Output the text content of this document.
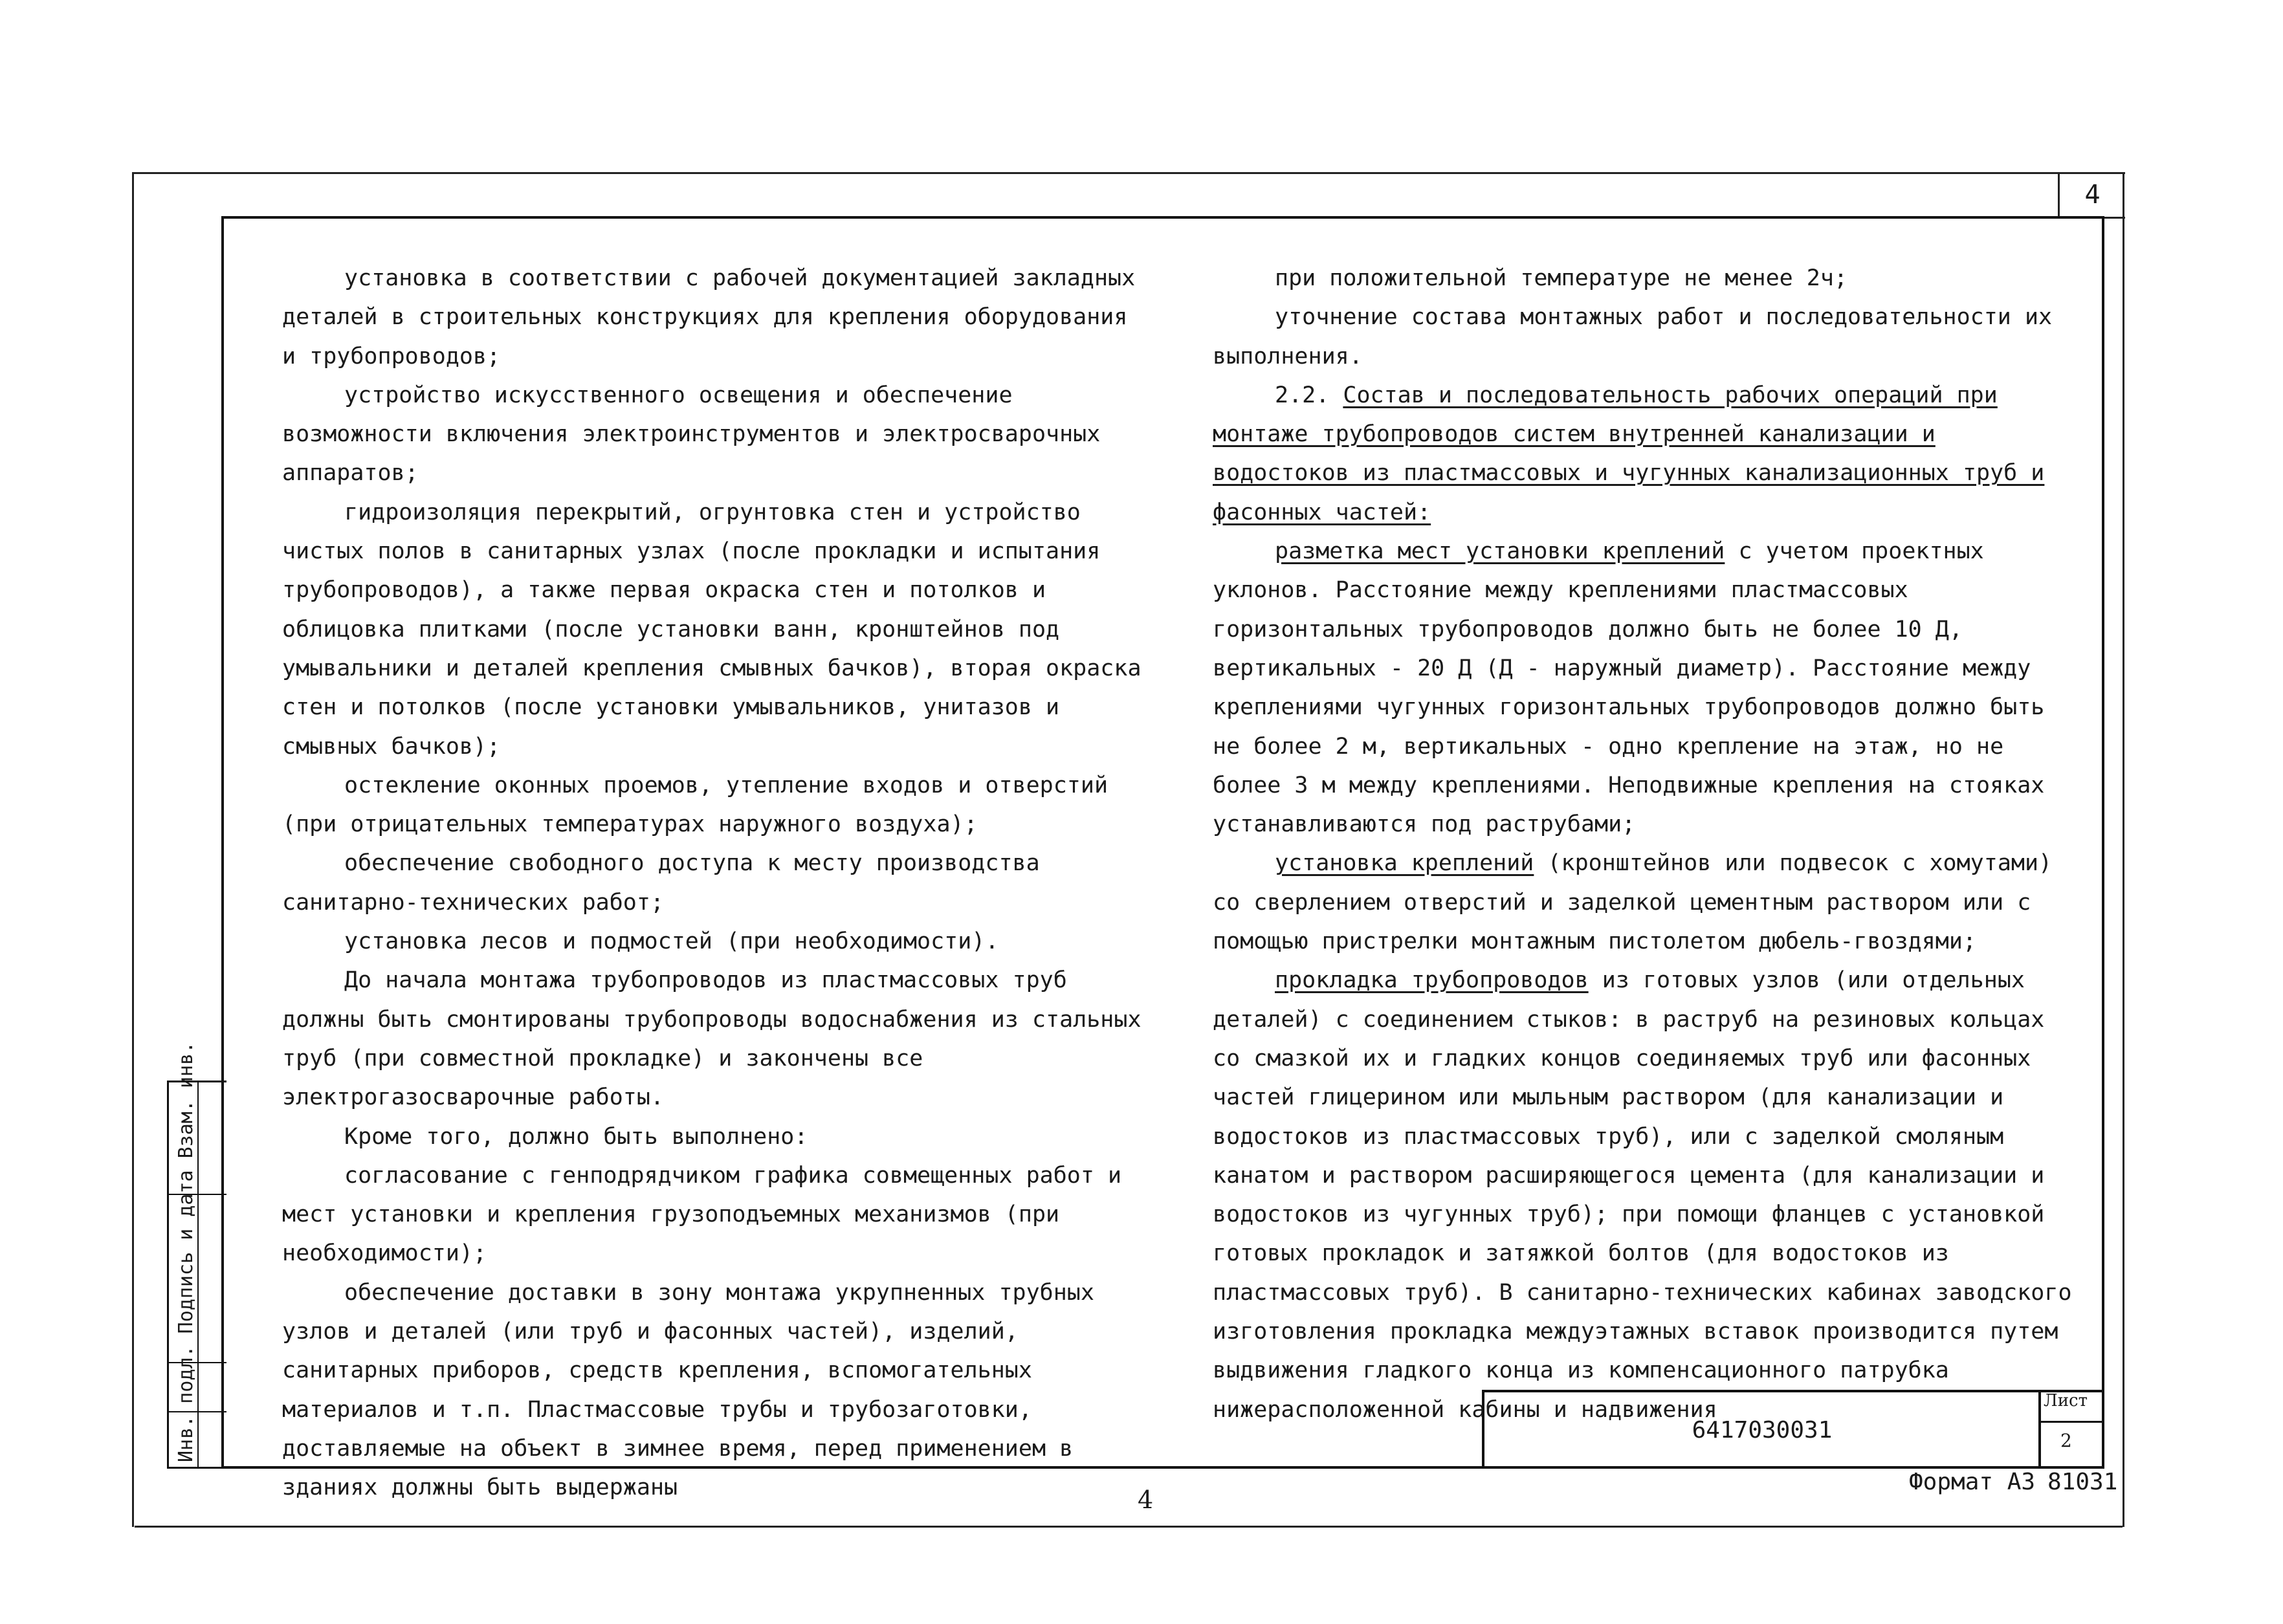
4

установка в соответствии с рабочей документацией закладных деталей в строительных конструкциях для крепления оборудования и трубопроводов;

устройство искусственного освещения и обеспечение возможности включения электроинструментов и электросварочных аппаратов;

гидроизоляция перекрытий, огрунтовка стен и устройство чистых полов в санитарных узлах (после прокладки и испытания трубопроводов), а также первая окраска стен и потолков и облицовка плитками (после установки ванн, кронштейнов под умывальники и деталей крепления смывных бачков), вторая окраска стен и потолков (после установки умывальников, унитазов и смывных бачков);

остекление оконных проемов, утепление входов и отверстий (при отрицательных температурах наружного воздуха);

обеспечение свободного доступа к месту производства санитарно-технических работ;

установка лесов и подмостей (при необходимости).

До начала монтажа трубопроводов из пластмассовых труб должны быть смонтированы трубопроводы водоснабжения из стальных труб (при совместной прокладке) и закончены все электрогазосварочные работы.

Кроме того, должно быть выполнено:

согласование с генподрядчиком графика совмещенных работ и мест установки и крепления грузоподъемных механизмов (при необходимости);

обеспечение доставки в зону монтажа укрупненных трубных узлов и деталей (или труб и фасонных частей), изделий, санитарных приборов, средств крепления, вспомогательных материалов и т.п. Пластмассовые трубы и трубозаготовки, доставляемые на объект в зимнее время, перед применением в зданиях должны быть выдержаны

при положительной температуре не менее 2ч;

уточнение состава монтажных работ и последовательности их выполнения.

2.2. Состав и последовательность рабочих операций при монтаже трубопроводов систем внутренней канализации и водостоков из пластмассовых и чугунных канализационных труб и фасонных частей:

разметка мест установки креплений с учетом проектных уклонов. Расстояние между креплениями пластмассовых горизонтальных трубопроводов должно быть не более 10 Д, вертикальных - 20 Д (Д - наружный диаметр). Расстояние между креплениями чугунных горизонтальных трубопроводов должно быть не более 2 м, вертикальных - одно крепление на этаж, но не более 3 м между креплениями. Неподвижные крепления на стояках устанавливаются под раструбами;

установка креплений (кронштейнов или подвесок с хомутами) со сверлением отверстий и заделкой цементным раствором или с помощью пристрелки монтажным пистолетом дюбель-гвоздями;

прокладка трубопроводов из готовых узлов (или отдельных деталей) с соединением стыков: в раструб на резиновых кольцах со смазкой их и гладких концов соединяемых труб или фасонных частей глицерином или мыльным раствором (для канализации и водостоков из пластмассовых труб), или с заделкой смоляным канатом и раствором расширяющегося цемента (для канализации и водостоков из чугунных труб); при помощи фланцев с установкой готовых прокладок и затяжкой болтов (для водостоков из пластмассовых труб). В санитарно-технических кабинах заводского изготовления прокладка междуэтажных вставок производится путем выдвижения гладкого конца из компенсационного патрубка нижерасположенной кабины и надвижения

6417030031
Лист
2
Инв. подл. Подпись и дата Взам. инв.
4
Формат А3 81031
